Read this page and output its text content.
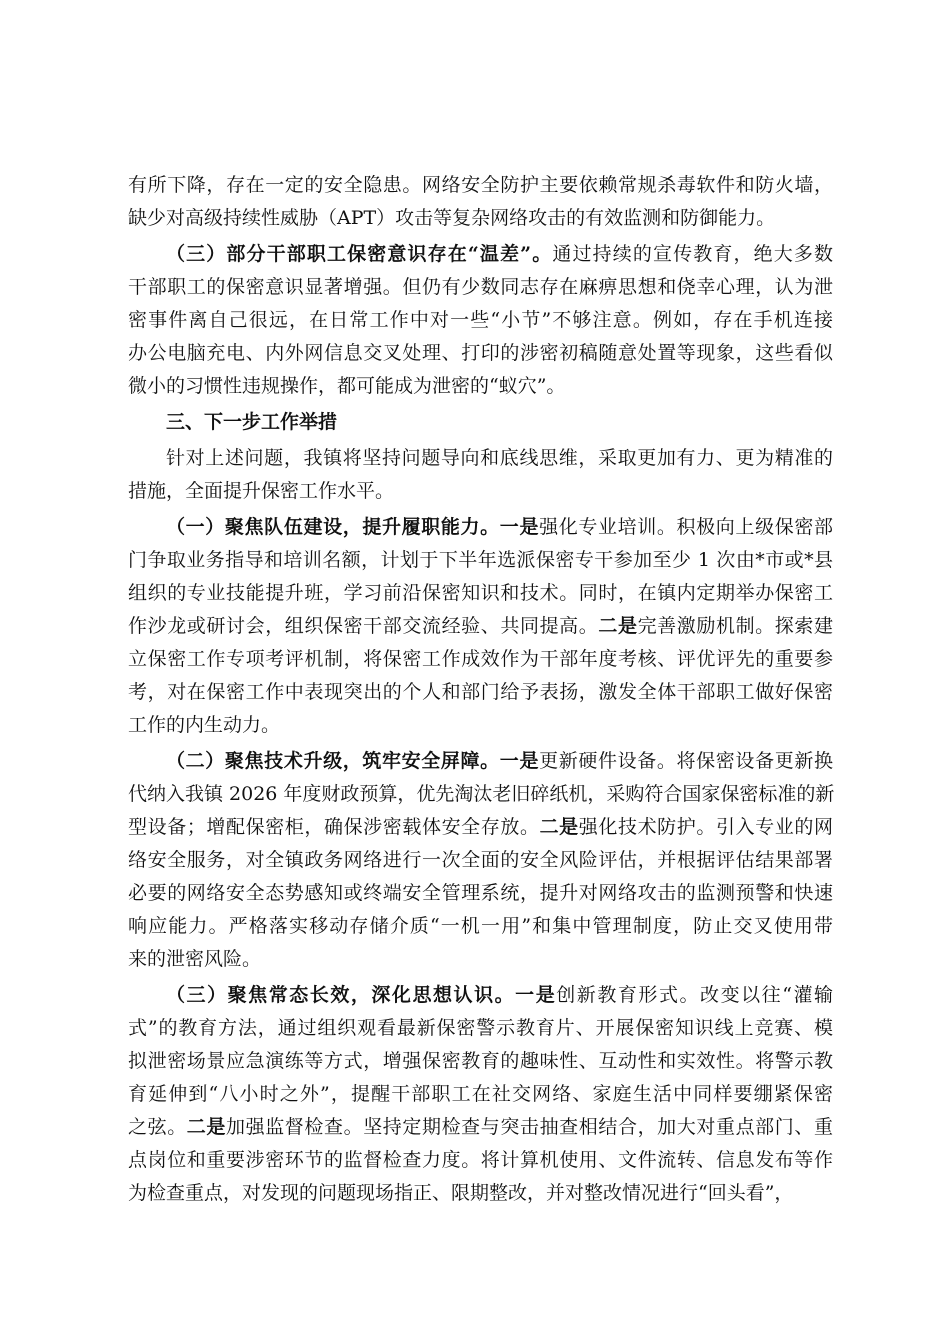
有所下降，存在一定的安全隐患。网络安全防护主要依赖常规杀毒软件和防火墙，
缺少对高级持续性威胁（APT）攻击等复杂网络攻击的有效监测和防御能力。
（三）部分干部职工保密意识存在“温差”。通过持续的宣传教育，绝大多数
干部职工的保密意识显著增强。但仍有少数同志存在麻痹思想和侥幸心理，认为泄
密事件离自己很远，在日常工作中对一些“小节”不够注意。例如，存在手机连接
办公电脑充电、内外网信息交叉处理、打印的涉密初稿随意处置等现象，这些看似
微小的习惯性违规操作，都可能成为泄密的“蚁穴”。
三、下一步工作举措
针对上述问题，我镇将坚持问题导向和底线思维，采取更加有力、更为精准的
措施，全面提升保密工作水平。
（一）聚焦队伍建设，提升履职能力。一是强化专业培训。积极向上级保密部
门争取业务指导和培训名额，计划于下半年选派保密专干参加至少 1 次由*市或*县
组织的专业技能提升班，学习前沿保密知识和技术。同时，在镇内定期举办保密工
作沙龙或研讨会，组织保密干部交流经验、共同提高。二是完善激励机制。探索建
立保密工作专项考评机制，将保密工作成效作为干部年度考核、评优评先的重要参
考，对在保密工作中表现突出的个人和部门给予表扬，激发全体干部职工做好保密
工作的内生动力。
（二）聚焦技术升级，筑牢安全屏障。一是更新硬件设备。将保密设备更新换
代纳入我镇 2026 年度财政预算，优先淘汰老旧碎纸机，采购符合国家保密标准的新
型设备；增配保密柜，确保涉密载体安全存放。二是强化技术防护。引入专业的网
络安全服务，对全镇政务网络进行一次全面的安全风险评估，并根据评估结果部署
必要的网络安全态势感知或终端安全管理系统，提升对网络攻击的监测预警和快速
响应能力。严格落实移动存储介质“一机一用”和集中管理制度，防止交叉使用带
来的泄密风险。
（三）聚焦常态长效，深化思想认识。一是创新教育形式。改变以往“灌输
式”的教育方法，通过组织观看最新保密警示教育片、开展保密知识线上竞赛、模
拟泄密场景应急演练等方式，增强保密教育的趣味性、互动性和实效性。将警示教
育延伸到“八小时之外”，提醒干部职工在社交网络、家庭生活中同样要绷紧保密
之弦。二是加强监督检查。坚持定期检查与突击抽查相结合，加大对重点部门、重
点岗位和重要涉密环节的监督检查力度。将计算机使用、文件流转、信息发布等作
为检查重点，对发现的问题现场指正、限期整改，并对整改情况进行“回头看”，
